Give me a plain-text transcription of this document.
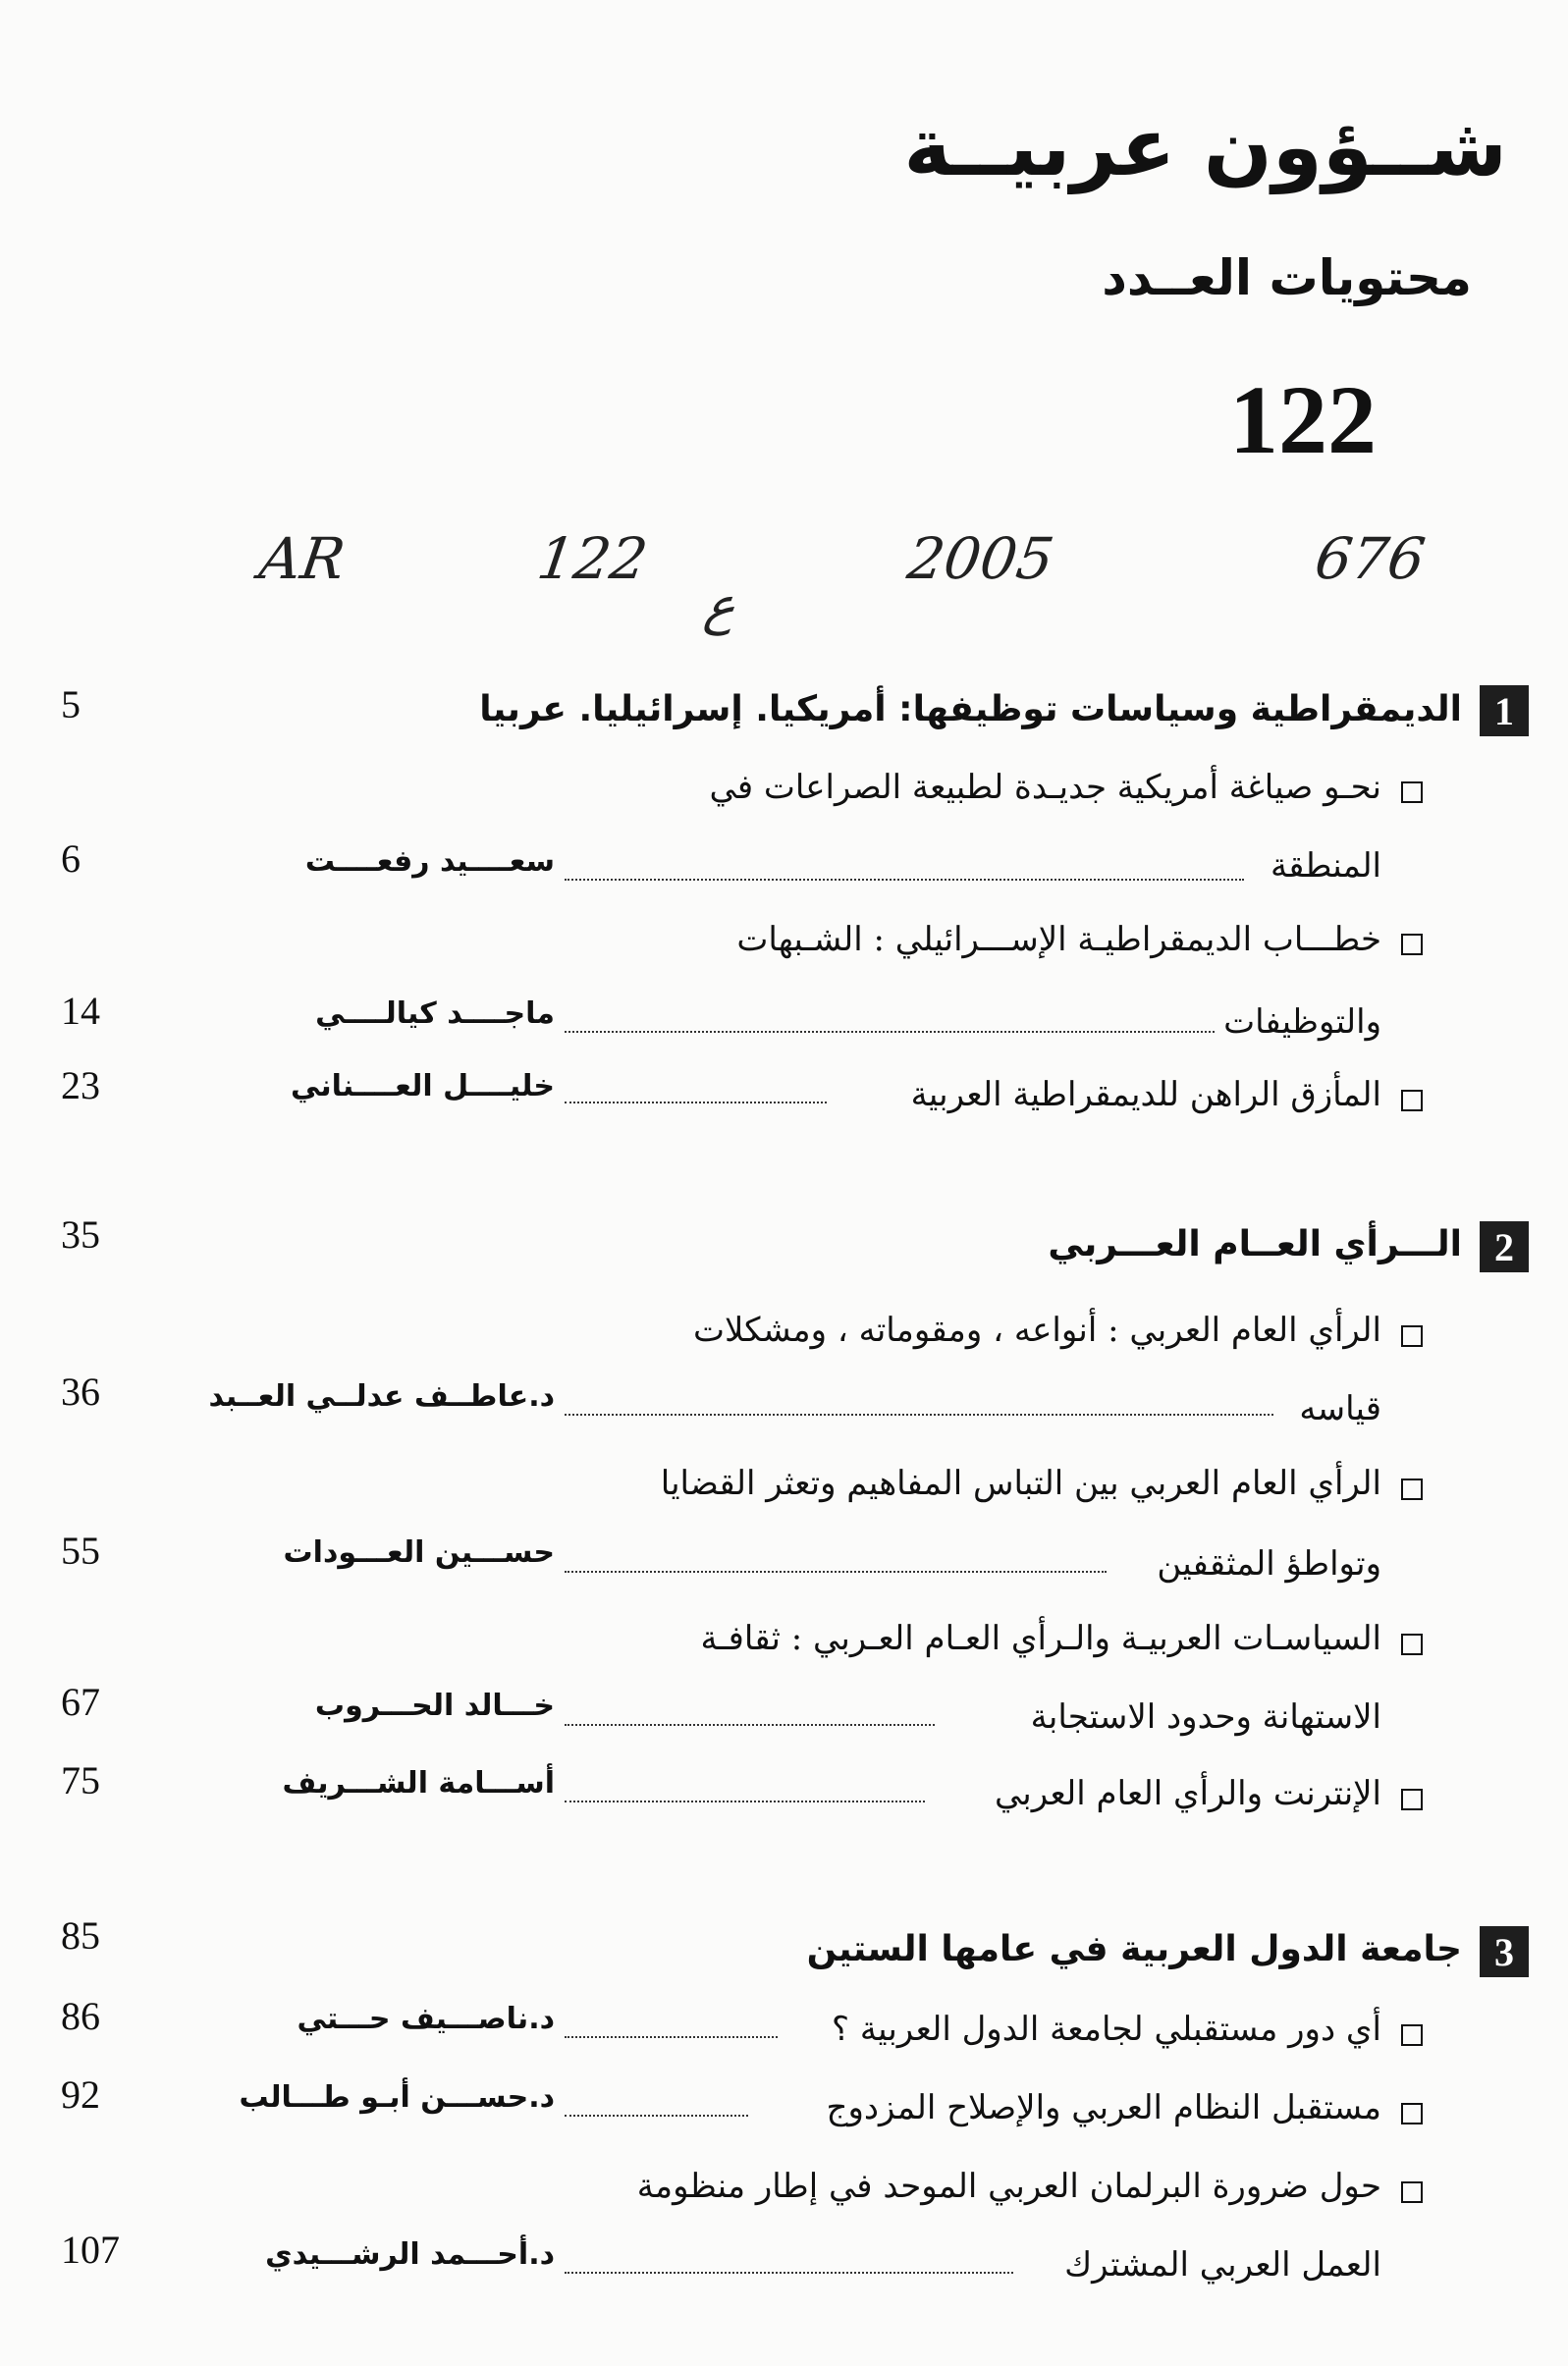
شــؤون عربيــة
محتويات العــدد
122
AR	122
ع
2005	676
1
الديمقراطية وسياسات توظيفها: أمريكيا. إسرائيليا. عربيا
5
نحـو صياغة أمريكية جديـدة لطبيعة الصراعات في
المنطقة
سعــــيد رفعــــت
6
خطـــاب الديمقراطيـة الإســـرائيلي : الشـبهات
والتوظيفات
ماجــــد كيالــــي
14
المأزق الراهن للديمقراطية العربية
خليــــل العــــناني
23
2
الـــرأي العــام العـــربي
35
الرأي العام العربي : أنواعه ، ومقوماته ، ومشكلات
قياسه
د.عاطــف عدلــي العــبد
36
الرأي العام العربي بين التباس المفاهيم وتعثر القضايا
وتواطؤ المثقفين
حســـين العـــودات
55
السياسـات العربيـة والـرأي العـام العـربي : ثقافـة
الاستهانة وحدود الاستجابة
خـــالد الحـــروب
67
الإنترنت والرأي العام العربي
أســـامة الشـــريف
75
3
جامعة الدول العربية في عامها الستين
85
أي دور مستقبلي لجامعة الدول العربية ؟
د.ناصـــيف حـــتي
86
مستقبل النظام العربي والإصلاح المزدوج
د.حســـن أبـو طـــالب
92
حول ضرورة البرلمان العربي الموحد في إطار منظومة
العمل العربي المشترك
د.أحـــمد الرشـــيدي
107
